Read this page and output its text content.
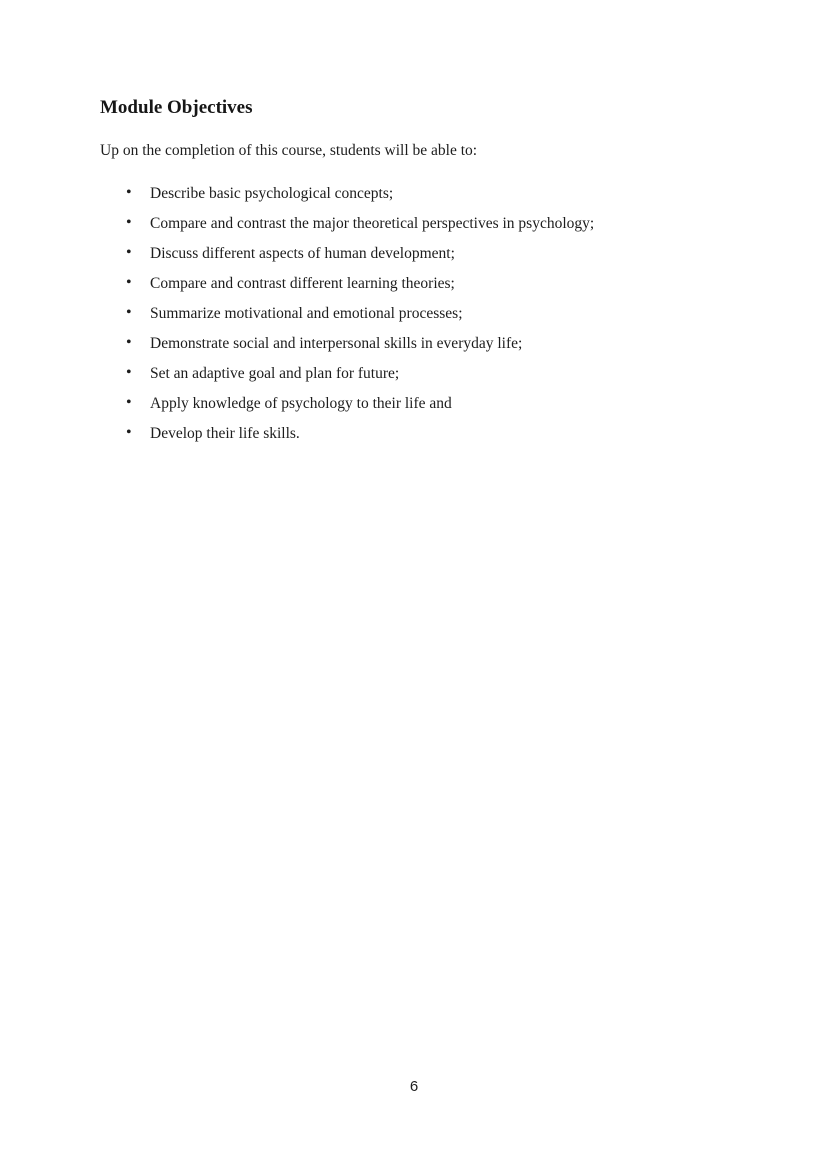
Module Objectives

Up on the completion of this course, students will be able to:

• Describe basic psychological concepts;
• Compare and contrast the major theoretical perspectives in psychology;
• Discuss different aspects of human development;
• Compare and contrast different learning theories;
• Summarize motivational and emotional processes;
• Demonstrate social and interpersonal skills in everyday life;
• Set an adaptive goal and plan for future;
• Apply knowledge of psychology to their life and
• Develop their life skills.
6
